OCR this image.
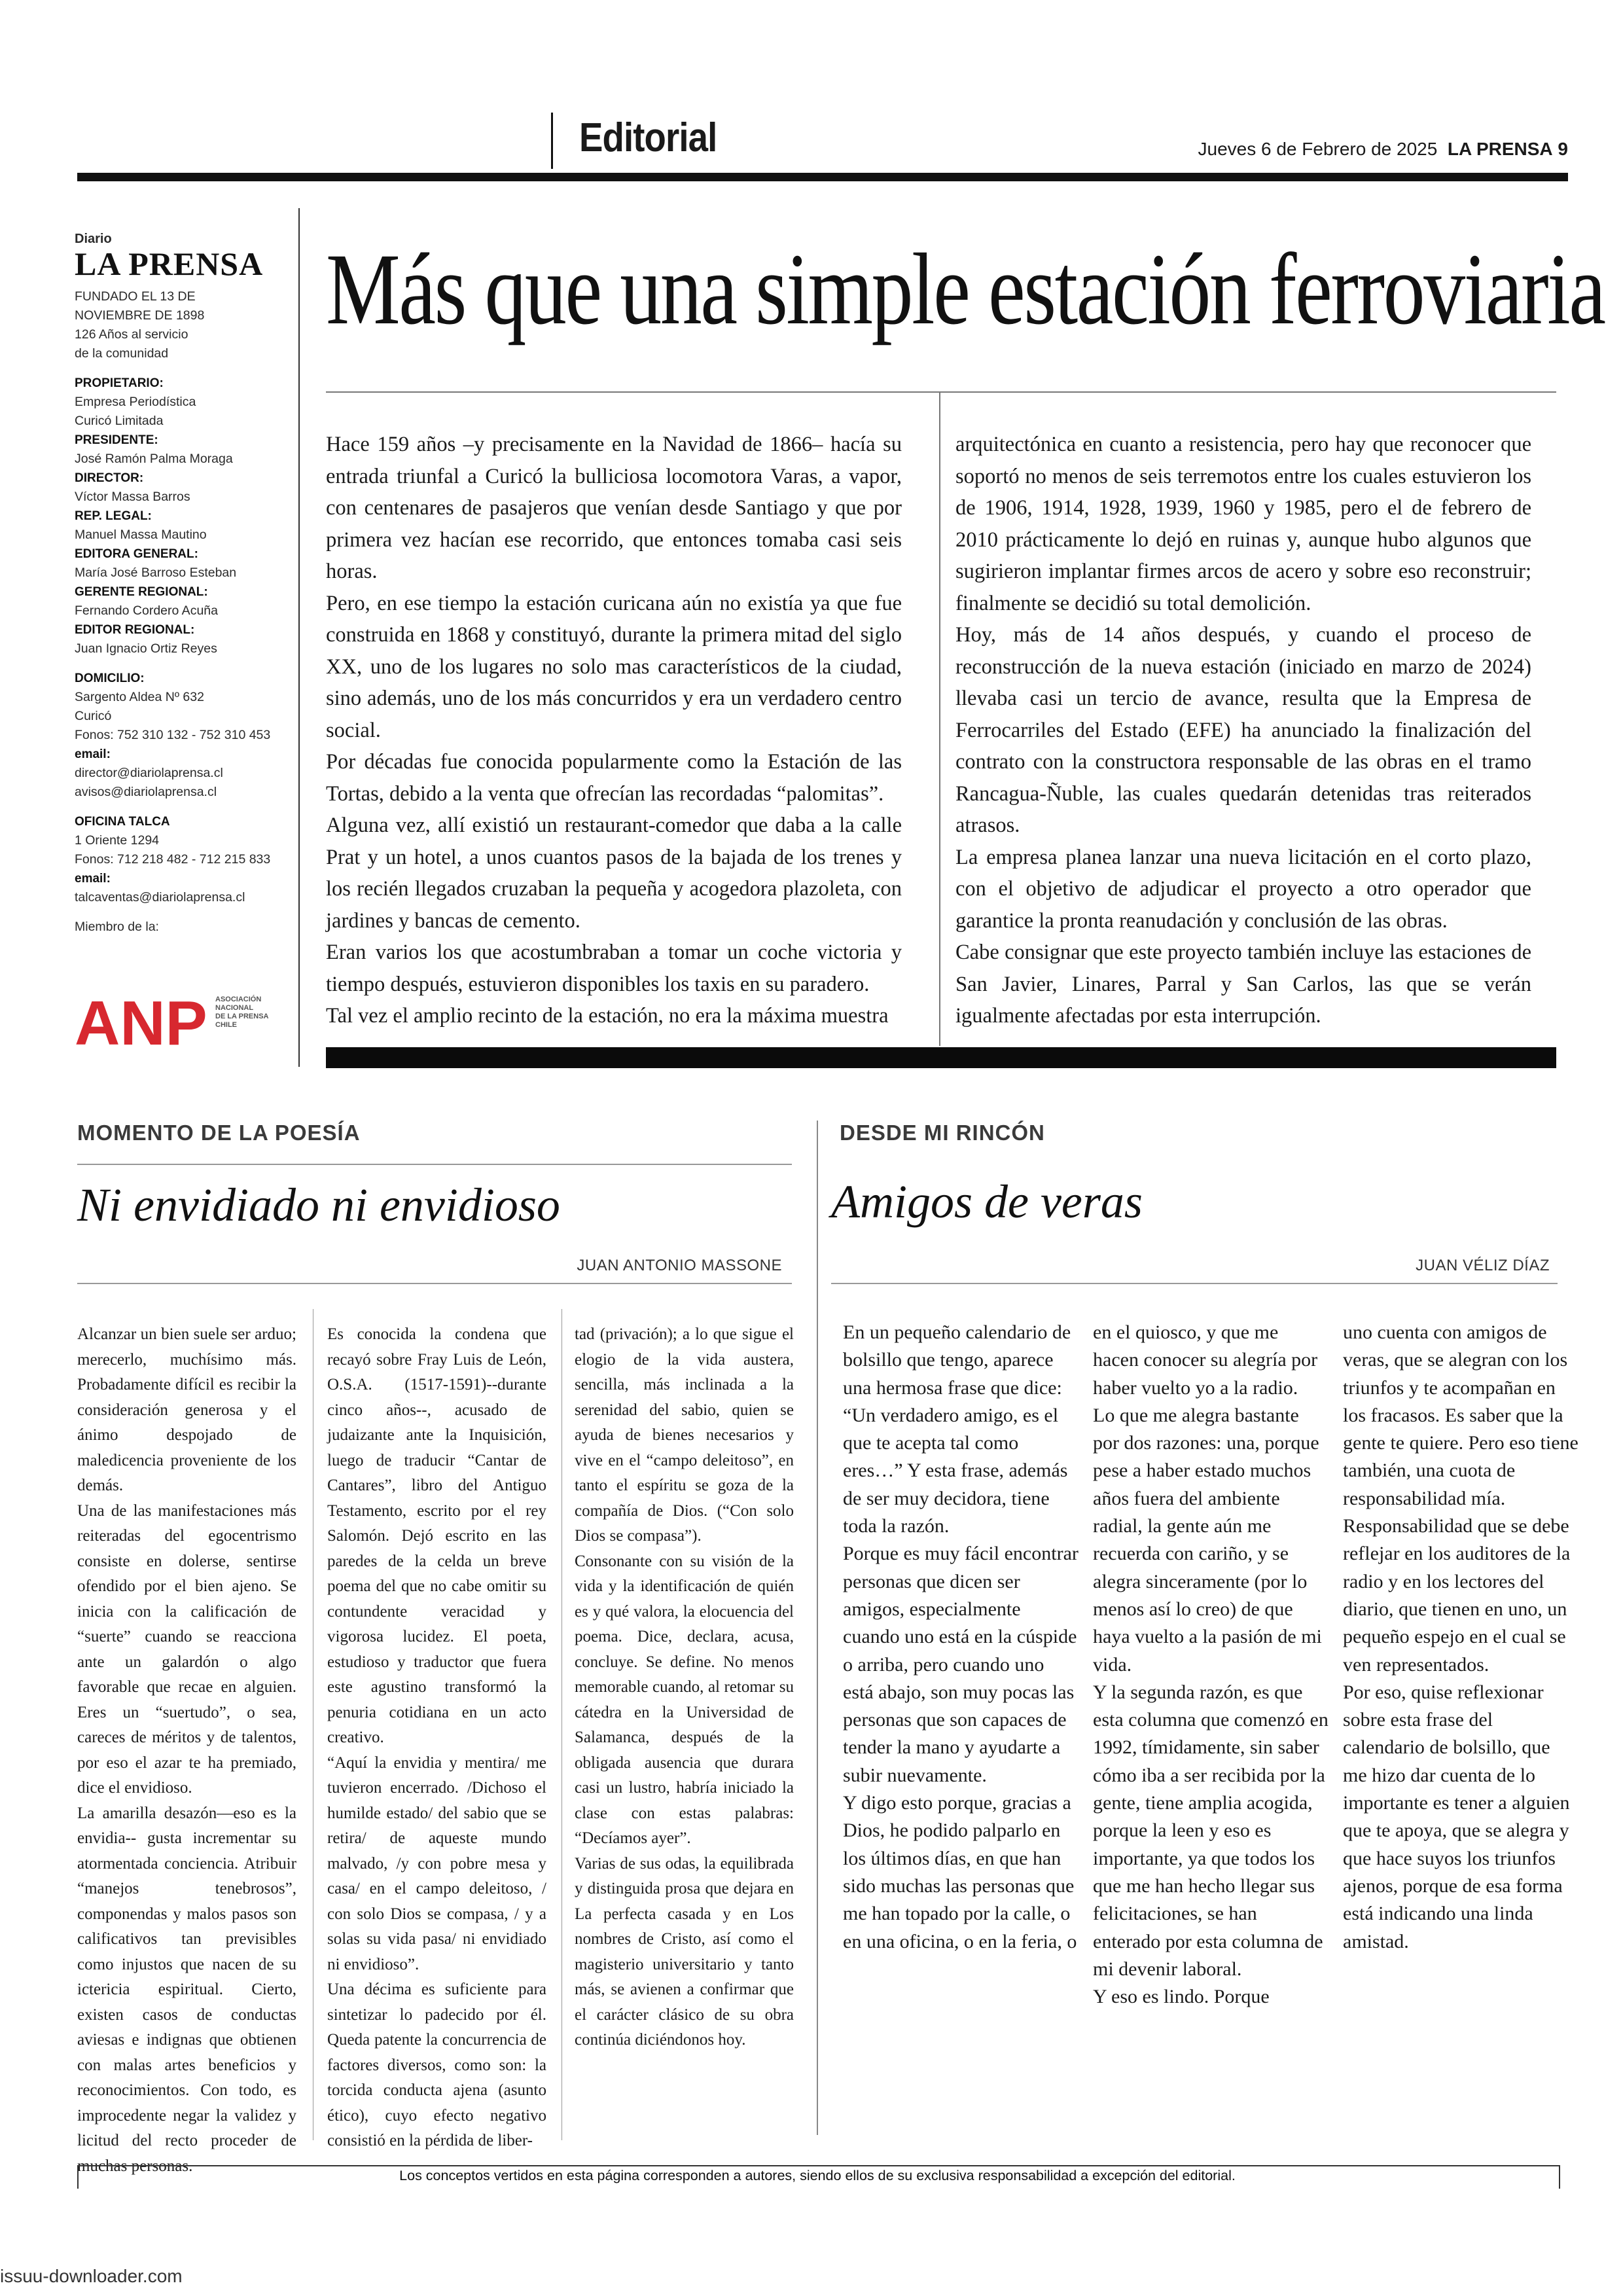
Editorial	Jueves 6 de Febrero de 2025 LA PRENSA 9
Diario
LA PRENSA
FUNDADO EL 13 DE
NOVIEMBRE DE 1898
126 Años al servicio
de la comunidad
PROPIETARIO:
Empresa Periodística
Curicó Limitada
PRESIDENTE:
José Ramón Palma Moraga
DIRECTOR:
Víctor Massa Barros
REP. LEGAL:
Manuel Massa Mautino
EDITORA GENERAL:
María José Barroso Esteban
GERENTE REGIONAL:
Fernando Cordero Acuña
EDITOR REGIONAL:
Juan Ignacio Ortiz Reyes
DOMICILIO:
Sargento Aldea Nº 632
Curicó
Fonos: 752 310 132 - 752 310 453
email:
director@diariolaprensa.cl
avisos@diariolaprensa.cl
OFICINA TALCA
1 Oriente 1294
Fonos: 712 218 482 - 712 215 833
email:
talcaventas@diariolaprensa.cl
Miembro de la:
ANP ASOCIACIÓN
NACIONAL
DE LA PRENSA
CHILE
Más que una simple estación ferroviaria

Hace 159 años –y precisamente en la Navidad de 1866– hacía su entrada triunfal a Curicó la bulliciosa locomotora Varas, a vapor, con centenares de pasajeros que venían desde Santiago y que por primera vez hacían ese recorrido, que entonces tomaba casi seis horas.

Pero, en ese tiempo la estación curicana aún no existía ya que fue construida en 1868 y constituyó, durante la primera mitad del siglo XX, uno de los lugares no solo mas característicos de la ciudad, sino además, uno de los más concurridos y era un verdadero centro social.

Por décadas fue conocida popularmente como la Estación de las Tortas, debido a la venta que ofrecían las recordadas “palomitas”.

Alguna vez, allí existió un restaurant-comedor que daba a la calle Prat y un hotel, a unos cuantos pasos de la bajada de los trenes y los recién llegados cruzaban la pequeña y acogedora plazoleta, con jardines y bancas de cemento.

Eran varios los que acostumbraban a tomar un coche victoria y tiempo después, estuvieron disponibles los taxis en su paradero.

Tal vez el amplio recinto de la estación, no era la máxima muestra

arquitectónica en cuanto a resistencia, pero hay que reconocer que soportó no menos de seis terremotos entre los cuales estuvieron los de 1906, 1914, 1928, 1939, 1960 y 1985, pero el de febrero de 2010 prácticamente lo dejó en ruinas y, aunque hubo algunos que sugirieron implantar firmes arcos de acero y sobre eso reconstruir; finalmente se decidió su total demolición.

Hoy, más de 14 años después, y cuando el proceso de reconstrucción de la nueva estación (iniciado en marzo de 2024) llevaba casi un tercio de avance, resulta que la Empresa de Ferrocarriles del Estado (EFE) ha anunciado la finalización del contrato con la constructora responsable de las obras en el tramo Rancagua-Ñuble, las cuales quedarán detenidas tras reiterados atrasos.

La empresa planea lanzar una nueva licitación en el corto plazo, con el objetivo de adjudicar el proyecto a otro operador que garantice la pronta reanudación y conclusión de las obras.

Cabe consignar que este proyecto también incluye las estaciones de San Javier, Linares, Parral y San Carlos, las que se verán igualmente afectadas por esta interrupción.

MOMENTO DE LA POESÍA
Ni envidiado ni envidioso
JUAN ANTONIO MASSONE

Alcanzar un bien suele ser arduo; merecerlo, muchísimo más. Probadamente difícil es recibir la consideración generosa y el ánimo despojado de maledicencia proveniente de los demás.

Una de las manifestaciones más reiteradas del egocentrismo consiste en dolerse, sentirse ofendido por el bien ajeno. Se inicia con la calificación de “suerte” cuando se reacciona ante un galardón o algo favorable que recae en alguien. Eres un “suertudo”, o sea, careces de méritos y de talentos, por eso el azar te ha premiado, dice el envidioso.

La amarilla desazón—eso es la envidia-- gusta incrementar su atormentada conciencia. Atribuir “manejos tenebrosos”, componendas y malos pasos son calificativos tan previsibles como injustos que nacen de su ictericia espiritual. Cierto, existen casos de conductas aviesas e indignas que obtienen con malas artes beneficios y reconocimientos. Con todo, es improcedente negar la validez y licitud del recto proceder de muchas personas.

Es conocida la condena que recayó sobre Fray Luis de León, O.S.A. (1517-1591)--durante cinco años--, acusado de judaizante ante la Inquisición, luego de traducir “Cantar de Cantares”, libro del Antiguo Testamento, escrito por el rey Salomón. Dejó escrito en las paredes de la celda un breve poema del que no cabe omitir su contundente veracidad y vigorosa lucidez. El poeta, estudioso y traductor que fuera este agustino transformó la penuria cotidiana en un acto creativo.

“Aquí la envidia y mentira/ me tuvieron encerrado. /Dichoso el humilde estado/ del sabio que se retira/ de aqueste mundo malvado, /y con pobre mesa y casa/ en el campo deleitoso, / con solo Dios se compasa, / y a solas su vida pasa/ ni envidiado ni envidioso”.

Una décima es suficiente para sintetizar lo padecido por él. Queda patente la concurrencia de factores diversos, como son: la torcida conducta ajena (asunto ético), cuyo efecto negativo consistió en la pérdida de liber-

tad (privación); a lo que sigue el elogio de la vida austera, sencilla, más inclinada a la serenidad del sabio, quien se ayuda de bienes necesarios y vive en el “campo deleitoso”, en tanto el espíritu se goza de la compañía de Dios. (“Con solo Dios se compasa”).

Consonante con su visión de la vida y la identificación de quién es y qué valora, la elocuencia del poema. Dice, declara, acusa, concluye. Se define. No menos memorable cuando, al retomar su cátedra en la Universidad de Salamanca, después de la obligada ausencia que durara casi un lustro, habría iniciado la clase con estas palabras: “Decíamos ayer”.

Varias de sus odas, la equilibrada y distinguida prosa que dejara en La perfecta casada y en Los nombres de Cristo, así como el magisterio universitario y tanto más, se avienen a confirmar que el carácter clásico de su obra continúa diciéndonos hoy.

DESDE MI RINCÓN
Amigos de veras
JUAN VÉLIZ DÍAZ

En un pequeño calendario de bolsillo que tengo, aparece una hermosa frase que dice: “Un verdadero amigo, es el que te acepta tal como eres…” Y esta frase, además de ser muy decidora, tiene toda la razón.

Porque es muy fácil encontrar personas que dicen ser amigos, especialmente cuando uno está en la cúspide o arriba, pero cuando uno está abajo, son muy pocas las personas que son capaces de tender la mano y ayudarte a subir nuevamente.

Y digo esto porque, gracias a Dios, he podido palparlo en los últimos días, en que han sido muchas las personas que me han topado por la calle, o en una oficina, o en la feria, o

en el quiosco, y que me hacen conocer su alegría por haber vuelto yo a la radio.

Lo que me alegra bastante por dos razones: una, porque pese a haber estado muchos años fuera del ambiente radial, la gente aún me recuerda con cariño, y se alegra sinceramente (por lo menos así lo creo) de que haya vuelto a la pasión de mi vida.

Y la segunda razón, es que esta columna que comenzó en 1992, tímidamente, sin saber cómo iba a ser recibida por la gente, tiene amplia acogida, porque la leen y eso es importante, ya que todos los que me han hecho llegar sus felicitaciones, se han enterado por esta columna de mi devenir laboral.

Y eso es lindo. Porque

uno cuenta con amigos de veras, que se alegran con los triunfos y te acompañan en los fracasos. Es saber que la gente te quiere. Pero eso tiene también, una cuota de responsabilidad mía.

Responsabilidad que se debe reflejar en los auditores de la radio y en los lectores del diario, que tienen en uno, un pequeño espejo en el cual se ven representados.

Por eso, quise reflexionar sobre esta frase del calendario de bolsillo, que me hizo dar cuenta de lo importante es tener a alguien que te apoya, que se alegra y que hace suyos los triunfos ajenos, porque de esa forma está indicando una linda amistad.

Los conceptos vertidos en esta página corresponden a autores, siendo ellos de su exclusiva responsabilidad a excepción del editorial.
issuu-downloader.com
